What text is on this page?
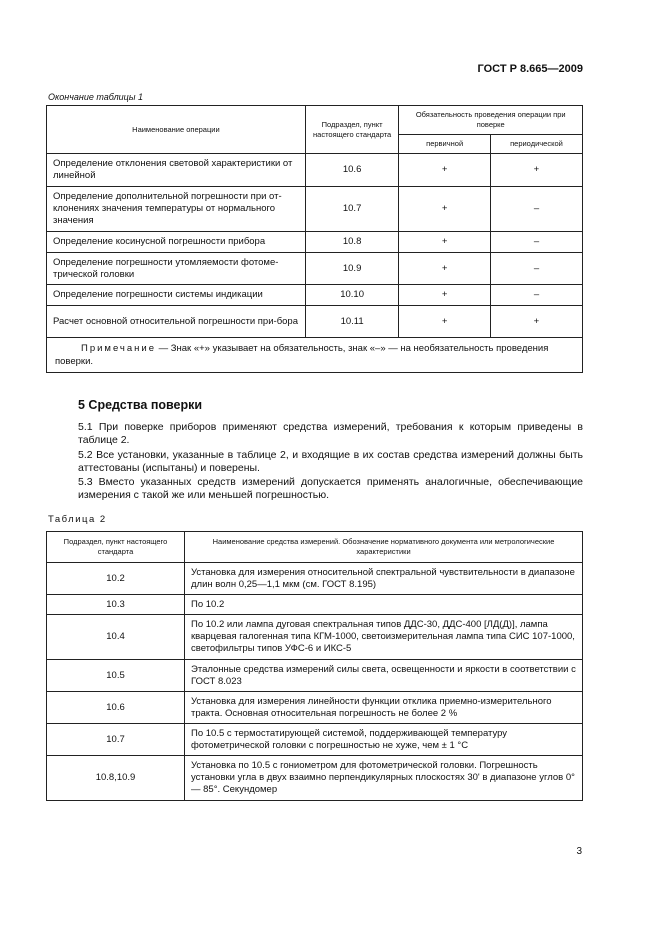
ГОСТ Р 8.665—2009
Окончание таблицы 1
Наименование операции	Подраздел, пункт настоящего стандарта	Обязательность проведения операции при поверке	
		первичной	периодической
Определение отклонения световой характеристики от линейной	10.6	+	+
Определение дополнительной погрешности при от-клонениях значения температуры от нормального значения	10.7	+	–
Определение косинусной погрешности прибора	10.8	+	–
Определение погрешности утомляемости фотоме-трической головки	10.9	+	–
Определение погрешности системы индикации	10.10	+	–
Расчет основной относительной погрешности при-бора	10.11	+	+
Примечание — Знак «+» указывает на обязательность, знак «–» — на необязательность проведения поверки.			
5 Средства поверки
5.1 При поверке приборов применяют средства измерений, требования к которым приведены в таблице 2.
5.2 Все установки, указанные в таблице 2, и входящие в их состав средства измерений должны быть аттестованы (испытаны) и поверены.
5.3 Вместо указанных средств измерений допускается применять аналогичные, обеспечивающие измерения с такой же или меньшей погрешностью.
Таблица 2
Подраздел, пункт настоящего стандарта	Наименование средства измерений. Обозначение нормативного документа или метрологические характеристики
10.2	Установка для измерения относительной спектральной чувствительности в диапазоне длин волн 0,25—1,1 мкм (см. ГОСТ 8.195)
10.3	По 10.2
10.4	По 10.2 или лампа дуговая спектральная типов ДДС-30, ДДС-400 [ЛД(Д)], лампа кварцевая галогенная типа КГМ-1000, светоизмерительная лампа типа СИС 107-1000, светофильтры типов УФС-6 и ИКС-5
10.5	Эталонные средства измерений силы света, освещенности и яркости в соответствии с ГОСТ 8.023
10.6	Установка для измерения линейности функции отклика приемно-измерительного тракта. Основная относительная погрешность не более 2 %
10.7	По 10.5 с термостатирующей системой, поддерживающей температуру фотометрической головки с погрешностью не хуже, чем ± 1 °С
10.8,10.9	Установка по 10.5 с гониометром для фотометрической головки. Погрешность установки угла в двух взаимно перпендикулярных плоскостях 30' в диапазоне углов 0° — 85°. Секундомер
3
